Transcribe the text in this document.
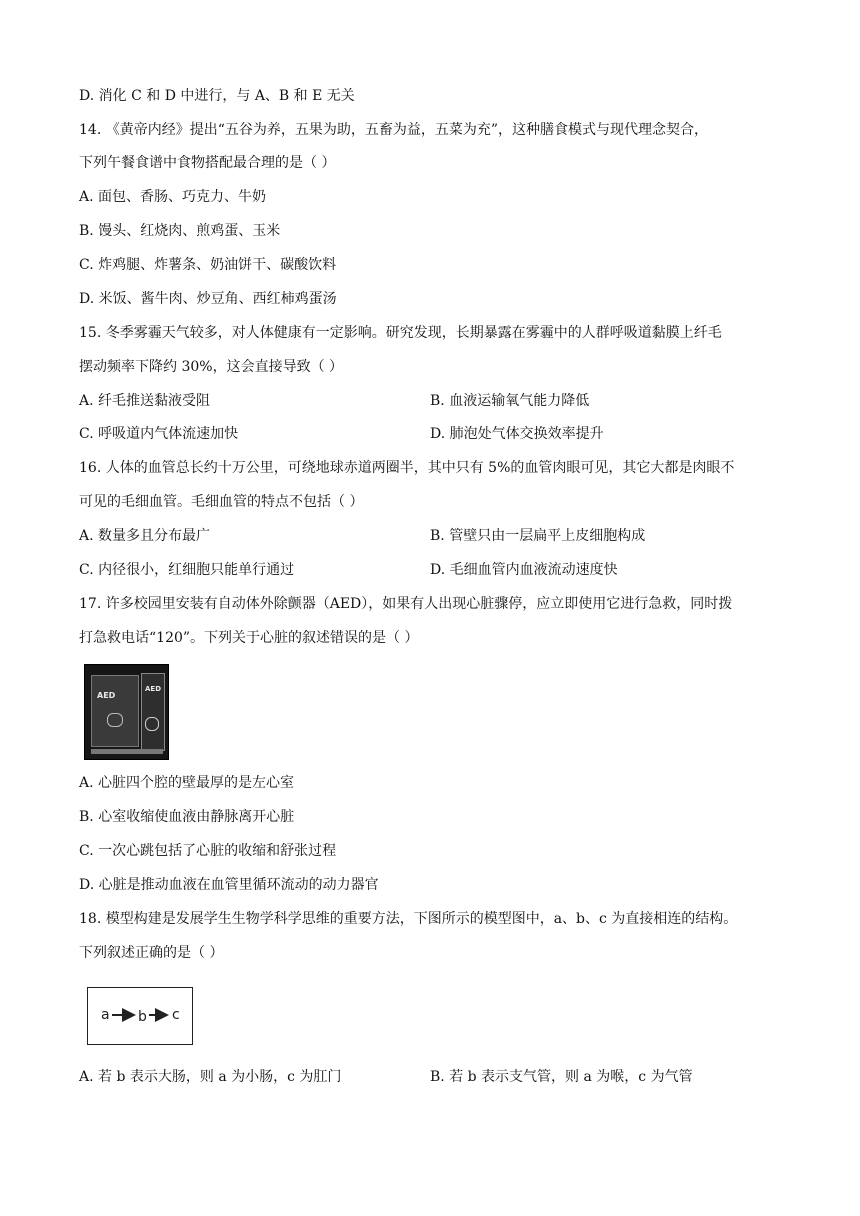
D. 消化 C 和 D 中进行，与 A、B 和 E 无关
14. 《黄帝内经》提出“五谷为养，五果为助，五畜为益，五菜为充”，这种膳食模式与现代理念契合，
下列午餐食谱中食物搭配最合理的是（ ）
A. 面包、香肠、巧克力、牛奶
B. 馒头、红烧肉、煎鸡蛋、玉米
C. 炸鸡腿、炸薯条、奶油饼干、碳酸饮料
D. 米饭、酱牛肉、炒豆角、西红柿鸡蛋汤
15. 冬季雾霾天气较多，对人体健康有一定影响。研究发现，长期暴露在雾霾中的人群呼吸道黏膜上纤毛
摆动频率下降约 30%，这会直接导致（ ）
A. 纤毛推送黏液受阻	B. 血液运输氧气能力降低
C. 呼吸道内气体流速加快	D. 肺泡处气体交换效率提升
16. 人体的血管总长约十万公里，可绕地球赤道两圈半，其中只有 5%的血管肉眼可见，其它大都是肉眼不
可见的毛细血管。毛细血管的特点不包括（ ）
A. 数量多且分布最广	B. 管壁只由一层扁平上皮细胞构成
C. 内径很小，红细胞只能单行通过	D. 毛细血管内血液流动速度快
17. 许多校园里安装有自动体外除颤器（AED），如果有人出现心脏骤停，应立即使用它进行急救，同时拨
打急救电话“120”。下列关于心脏的叙述错误的是（ ）
AED
AED
A. 心脏四个腔的壁最厚的是左心室
B. 心室收缩使血液由静脉离开心脏
C. 一次心跳包括了心脏的收缩和舒张过程
D. 心脏是推动血液在血管里循环流动的动力器官
18. 模型构建是发展学生生物学科学思维的重要方法，下图所示的模型图中，a、b、c 为直接相连的结构。
下列叙述正确的是（ ）
a b c
A. 若 b 表示大肠，则 a 为小肠，c 为肛门	B. 若 b 表示支气管，则 a 为喉，c 为气管
